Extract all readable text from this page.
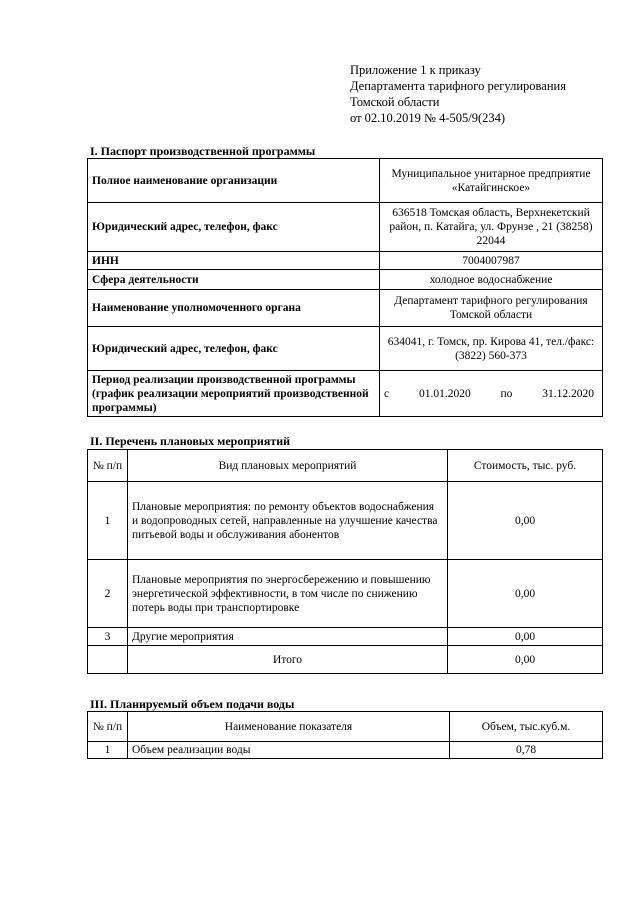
Приложение 1 к приказу
Департамента тарифного регулирования
Томской области
от 02.10.2019 № 4-505/9(234)
I. Паспорт производственной программы
Полное наименование организации	Муниципальное унитарное предприятие «Катайгинское»
Юридический адрес, телефон, факс	636518 Томская область, Верхнекетский район, п. Катайга, ул. Фрунзе , 21 (38258) 22044
ИНН	7004007987
Сфера деятельности	холодное водоснабжение
Наименование уполномоченного органа	Департамент тарифного регулирования Томской области
Юридический адрес, телефон, факс	634041, г. Томск, пр. Кирова 41, тел./факс: (3822) 560-373
Период реализации производственной программы (график реализации мероприятий производственной программы)	с 01.01.2020 по 31.12.2020
II. Перечень плановых мероприятий
№ п/п	Вид плановых мероприятий	Стоимость, тыс. руб.
1	Плановые мероприятия: по ремонту объектов водоснабжения и водопроводных сетей, направленные на улучшение качества питьевой воды и обслуживания абонентов	0,00
2	Плановые мероприятия по энергосбережению и повышению энергетической эффективности, в том числе по снижению потерь воды при транспортировке	0,00
3	Другие мероприятия	0,00
	Итого	0,00
III. Планируемый объем подачи воды
№ п/п	Наименование показателя	Объем, тыс.куб.м.
1	Объем реализации воды	0,78
